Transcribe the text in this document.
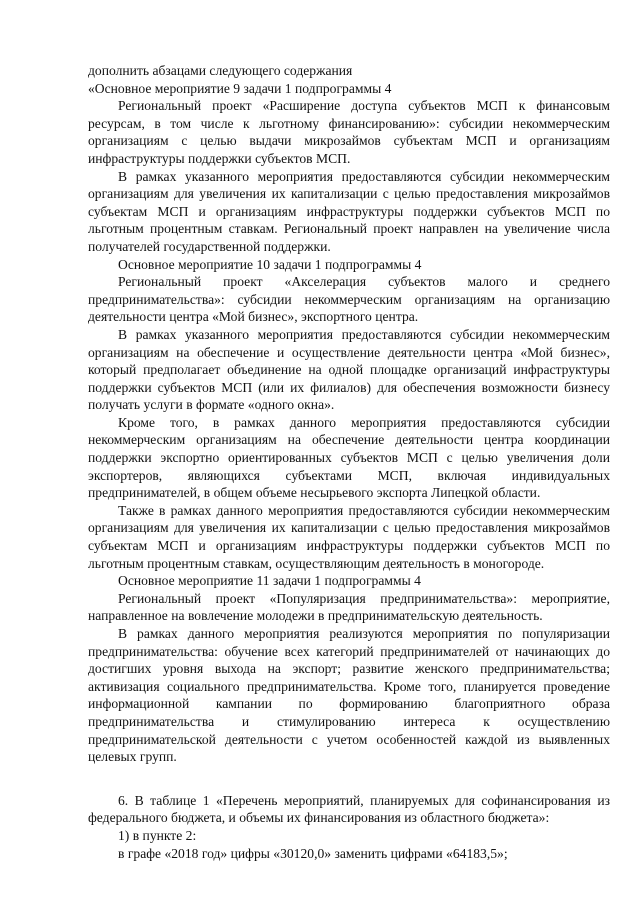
дополнить абзацами следующего содержания

«Основное мероприятие 9 задачи 1 подпрограммы 4

Региональный проект «Расширение доступа субъектов МСП к финансовым ресурсам, в том числе к льготному финансированию»: субсидии некоммерческим организациям с целью выдачи микрозаймов субъектам МСП и организациям инфраструктуры поддержки субъектов МСП.

В рамках указанного мероприятия предоставляются субсидии некоммерческим организациям для увеличения их капитализации с целью предоставления микрозаймов субъектам МСП и организациям инфраструктуры поддержки субъектов МСП по льготным процентным ставкам. Региональный проект направлен на увеличение числа получателей государственной поддержки.

Основное мероприятие 10 задачи 1 подпрограммы 4

Региональный проект «Акселерация субъектов малого и среднего предпринимательства»: субсидии некоммерческим организациям на организацию деятельности центра «Мой бизнес», экспортного центра.

В рамках указанного мероприятия предоставляются субсидии некоммерческим организациям на обеспечение и осуществление деятельности центра «Мой бизнес», который предполагает объединение на одной площадке организаций инфраструктуры поддержки субъектов МСП (или их филиалов) для обеспечения возможности бизнесу получать услуги в формате «одного окна».

Кроме того, в рамках данного мероприятия предоставляются субсидии некоммерческим организациям на обеспечение деятельности центра координации поддержки экспортно ориентированных субъектов МСП с целью увеличения доли экспортеров, являющихся субъектами МСП, включая индивидуальных предпринимателей, в общем объеме несырьевого экспорта Липецкой области.

Также в рамках данного мероприятия предоставляются субсидии некоммерческим организациям для увеличения их капитализации с целью предоставления микрозаймов субъектам МСП и организациям инфраструктуры поддержки субъектов МСП по льготным процентным ставкам, осуществляющим деятельность в моногороде.

Основное мероприятие 11 задачи 1 подпрограммы 4

Региональный проект «Популяризация предпринимательства»: мероприятие, направленное на вовлечение молодежи в предпринимательскую деятельность.

В рамках данного мероприятия реализуются мероприятия по популяризации предпринимательства: обучение всех категорий предпринимателей от начинающих до достигших уровня выхода на экспорт; развитие женского предпринимательства; активизация социального предпринимательства. Кроме того, планируется проведение информационной кампании по формированию благоприятного образа предпринимательства и стимулированию интереса к осуществлению предпринимательской деятельности с учетом особенностей каждой из выявленных целевых групп.

6. В таблице 1 «Перечень мероприятий, планируемых для софинансирования из федерального бюджета, и объемы их финансирования из областного бюджета»:

1) в пункте 2:

в графе «2018 год» цифры «30120,0» заменить цифрами «64183,5»;
